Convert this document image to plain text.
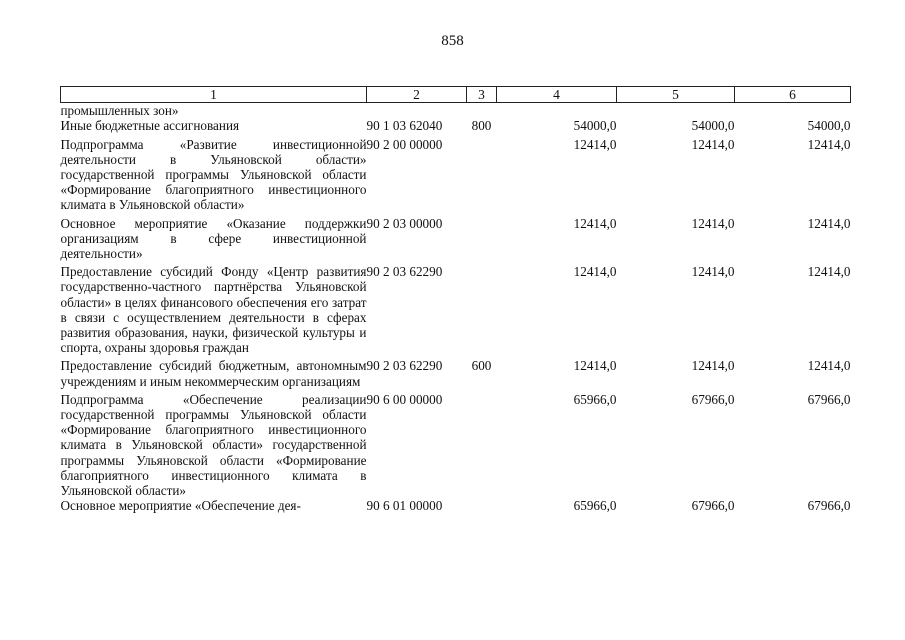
858
1	2	3	4	5	6
промышленных зон»					
Иные бюджетные ассигнования	90 1 03 62040	800	54000,0	54000,0	54000,0
Подпрограмма «Развитие инвестиционной деятельности в Ульяновской области» государственной программы Ульяновской области «Формирование благоприятного инвестиционного климата в Ульяновской области»	90 2 00 00000		12414,0	12414,0	12414,0
Основное мероприятие «Оказание поддержки организациям в сфере инвестиционной деятельности»	90 2 03 00000		12414,0	12414,0	12414,0
Предоставление субсидий Фонду «Центр развития государственно-частного партнёрства Ульяновской области» в целях финансового обеспечения его затрат в связи с осуществлением деятельности в сферах развития образования, науки, физической культуры и спорта, охраны здоровья граждан	90 2 03 62290		12414,0	12414,0	12414,0
Предоставление субсидий бюджетным, автономным учреждениям и иным некоммерческим организациям	90 2 03 62290	600	12414,0	12414,0	12414,0
Подпрограмма «Обеспечение реализации государственной программы Ульяновской области «Формирование благоприятного инвестиционного климата в Ульяновской области» государственной программы Ульяновской области «Формирование благоприятного инвестиционного климата в Ульяновской области»	90 6 00 00000		65966,0	67966,0	67966,0
Основное мероприятие «Обеспечение дея-	90 6 01 00000		65966,0	67966,0	67966,0
